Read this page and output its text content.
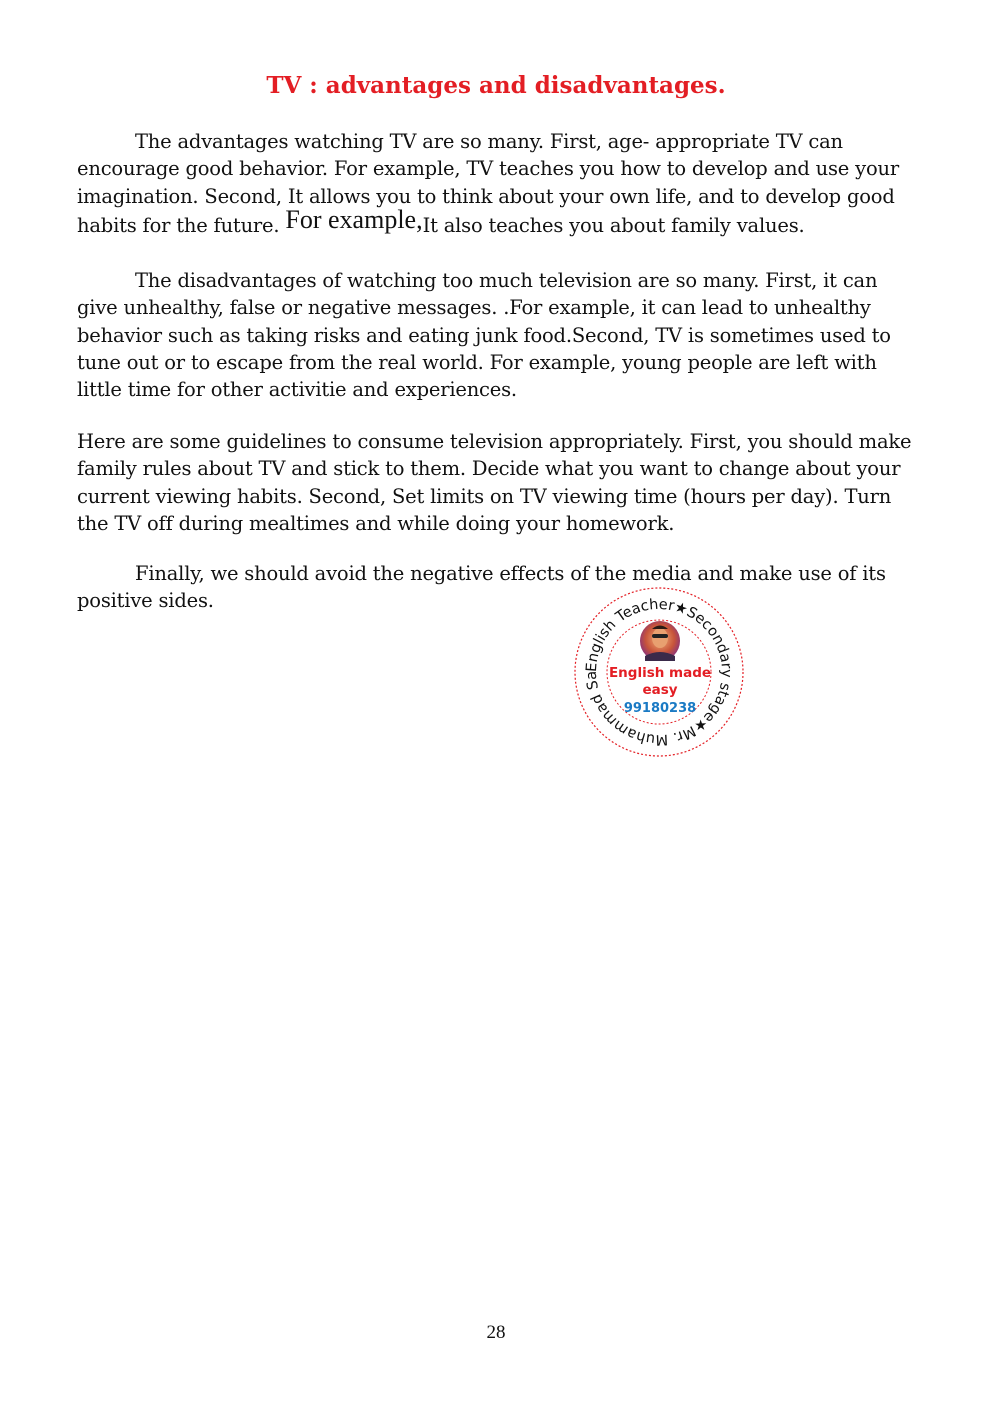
TV : advantages and disadvantages.

The advantages watching TV are so many. First, age- appropriate TV can encourage good behavior. For example, TV teaches you how to develop and use your imagination. Second, It allows you to think about your own life, and to develop good habits for the future. For example,It also teaches you about family values.

The disadvantages of watching too much television are so many. First, it can give unhealthy, false or negative messages. .For example, it can lead to unhealthy behavior such as taking risks and eating junk food.Second, TV is sometimes used to tune out or to escape from the real world. For example, young people are left with little time for other activitie and experiences.

Here are some guidelines to consume television appropriately. First, you should make family rules about TV and stick to them. Decide what you want to change about your current viewing habits. Second, Set limits on TV viewing time (hours per day). Turn the TV off during mealtimes and while doing your homework.

Finally, we should avoid the negative effects of the media and make use of its positive sides.

English Teacher★Secondary stage★Mr. Muhammad Sa English made
easy
99180238
28
